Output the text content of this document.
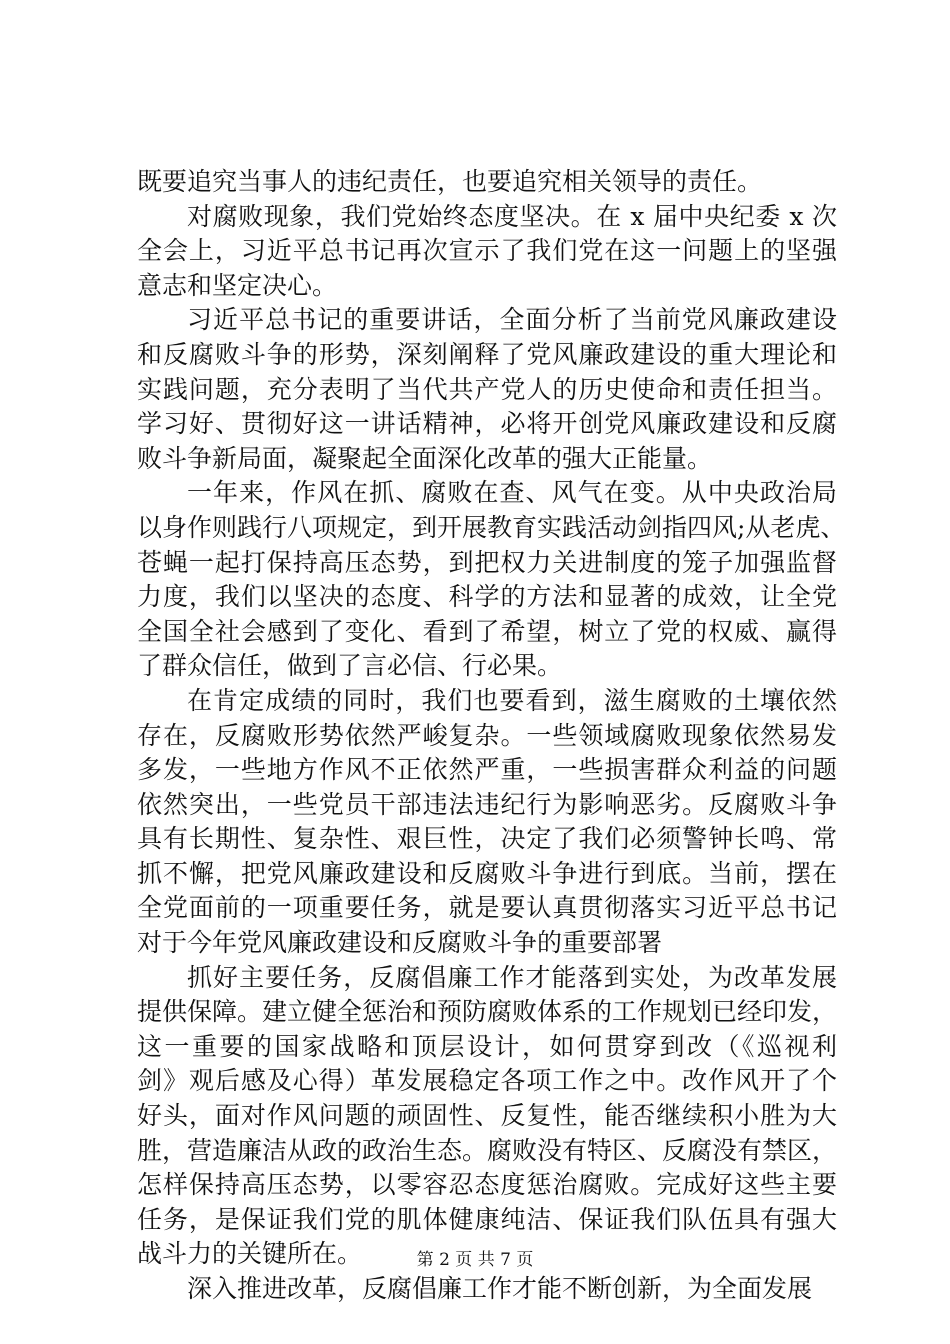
既要追究当事人的违纪责任，也要追究相关领导的责任。
对腐败现象，我们党始终态度坚决。在 x 届中央纪委 x 次
全会上，习近平总书记再次宣示了我们党在这一问题上的坚强
意志和坚定决心。
习近平总书记的重要讲话，全面分析了当前党风廉政建设
和反腐败斗争的形势，深刻阐释了党风廉政建设的重大理论和
实践问题，充分表明了当代共产党人的历史使命和责任担当。
学习好、贯彻好这一讲话精神，必将开创党风廉政建设和反腐
败斗争新局面，凝聚起全面深化改革的强大正能量。
一年来，作风在抓、腐败在查、风气在变。从中央政治局
以身作则践行八项规定，到开展教育实践活动剑指四风;从老虎、
苍蝇一起打保持高压态势，到把权力关进制度的笼子加强监督
力度，我们以坚决的态度、科学的方法和显著的成效，让全党
全国全社会感到了变化、看到了希望，树立了党的权威、赢得
了群众信任，做到了言必信、行必果。
在肯定成绩的同时，我们也要看到，滋生腐败的土壤依然
存在，反腐败形势依然严峻复杂。一些领域腐败现象依然易发
多发，一些地方作风不正依然严重，一些损害群众利益的问题
依然突出，一些党员干部违法违纪行为影响恶劣。反腐败斗争
具有长期性、复杂性、艰巨性，决定了我们必须警钟长鸣、常
抓不懈，把党风廉政建设和反腐败斗争进行到底。当前，摆在
全党面前的一项重要任务，就是要认真贯彻落实习近平总书记
对于今年党风廉政建设和反腐败斗争的重要部署
抓好主要任务，反腐倡廉工作才能落到实处，为改革发展
提供保障。建立健全惩治和预防腐败体系的工作规划已经印发，
这一重要的国家战略和顶层设计，如何贯穿到改（《巡视利
剑》观后感及心得）革发展稳定各项工作之中。改作风开了个
好头，面对作风问题的顽固性、反复性，能否继续积小胜为大
胜，营造廉洁从政的政治生态。腐败没有特区、反腐没有禁区，
怎样保持高压态势，以零容忍态度惩治腐败。完成好这些主要
任务，是保证我们党的肌体健康纯洁、保证我们队伍具有强大
战斗力的关键所在。
深入推进改革，反腐倡廉工作才能不断创新，为全面发展
第 2 页 共 7 页
